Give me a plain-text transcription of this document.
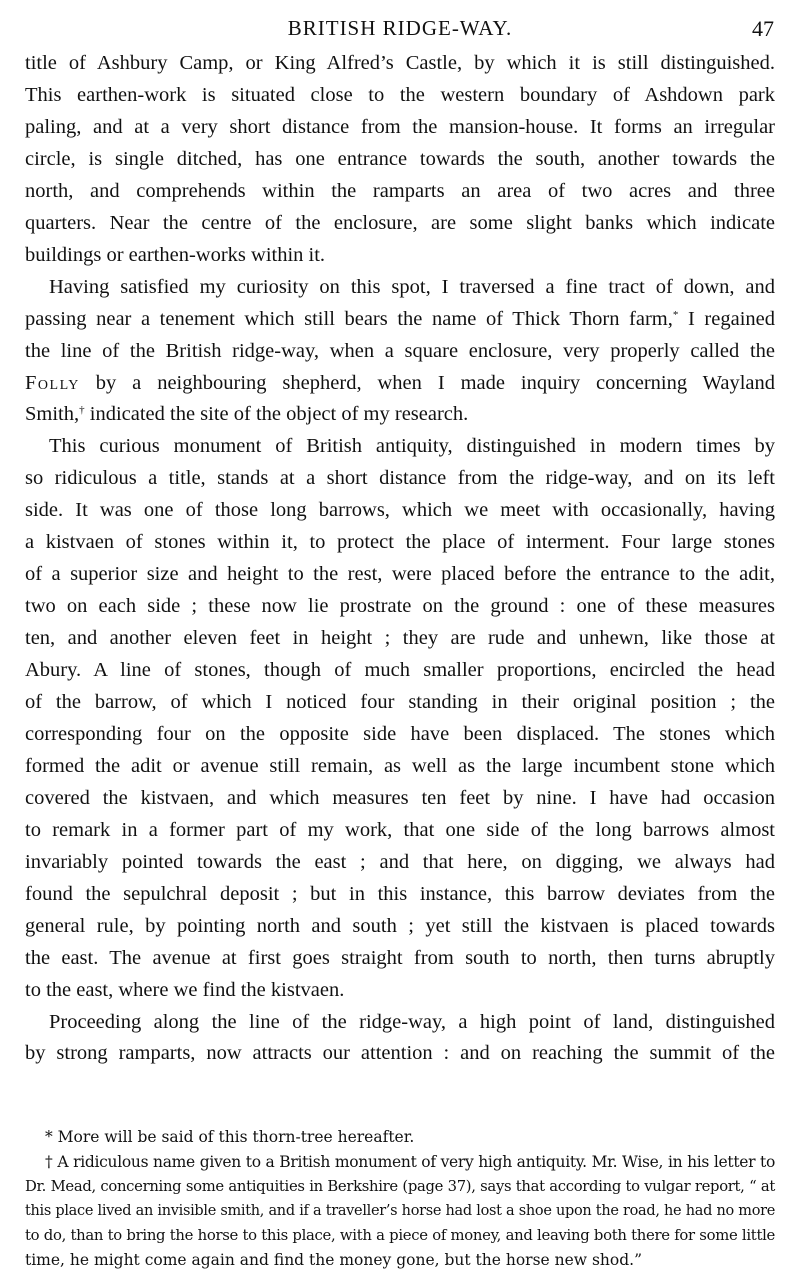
BRITISH RIDGE-WAY.	47
title of Ashbury Camp, or King Alfred’s Castle, by which it is still distinguished.
This earthen-work is situated close to the western boundary of Ashdown park
paling, and at a very short distance from the mansion-house. It forms an irregular
circle, is single ditched, has one entrance towards the south, another towards the
north, and comprehends within the ramparts an area of two acres and three
quarters. Near the centre of the enclosure, are some slight banks which indicate
buildings or earthen-works within it.
Having satisfied my curiosity on this spot, I traversed a fine tract of down, and
passing near a tenement which still bears the name of Thick Thorn farm,* I regained
the line of the British ridge-way, when a square enclosure, very properly called the
Folly by a neighbouring shepherd, when I made inquiry concerning Wayland
Smith,† indicated the site of the object of my research.
This curious monument of British antiquity, distinguished in modern times by
so ridiculous a title, stands at a short distance from the ridge-way, and on its left
side. It was one of those long barrows, which we meet with occasionally, having
a kistvaen of stones within it, to protect the place of interment. Four large stones
of a superior size and height to the rest, were placed before the entrance to the adit,
two on each side ; these now lie prostrate on the ground : one of these measures
ten, and another eleven feet in height ; they are rude and unhewn, like those at
Abury. A line of stones, though of much smaller proportions, encircled the head
of the barrow, of which I noticed four standing in their original position ; the
corresponding four on the opposite side have been displaced. The stones which
formed the adit or avenue still remain, as well as the large incumbent stone which
covered the kistvaen, and which measures ten feet by nine. I have had occasion
to remark in a former part of my work, that one side of the long barrows almost
invariably pointed towards the east ; and that here, on digging, we always had
found the sepulchral deposit ; but in this instance, this barrow deviates from the
general rule, by pointing north and south ; yet still the kistvaen is placed towards
the east. The avenue at first goes straight from south to north, then turns abruptly
to the east, where we find the kistvaen.
Proceeding along the line of the ridge-way, a high point of land, distinguished
by strong ramparts, now attracts our attention : and on reaching the summit of the
* More will be said of this thorn-tree hereafter.
† A ridiculous name given to a British monument of very high antiquity. Mr. Wise, in his letter to
Dr. Mead, concerning some antiquities in Berkshire (page 37), says that according to vulgar report, “ at
this place lived an invisible smith, and if a traveller’s horse had lost a shoe upon the road, he had no more
to do, than to bring the horse to this place, with a piece of money, and leaving both there for some little
time, he might come again and find the money gone, but the horse new shod.”
